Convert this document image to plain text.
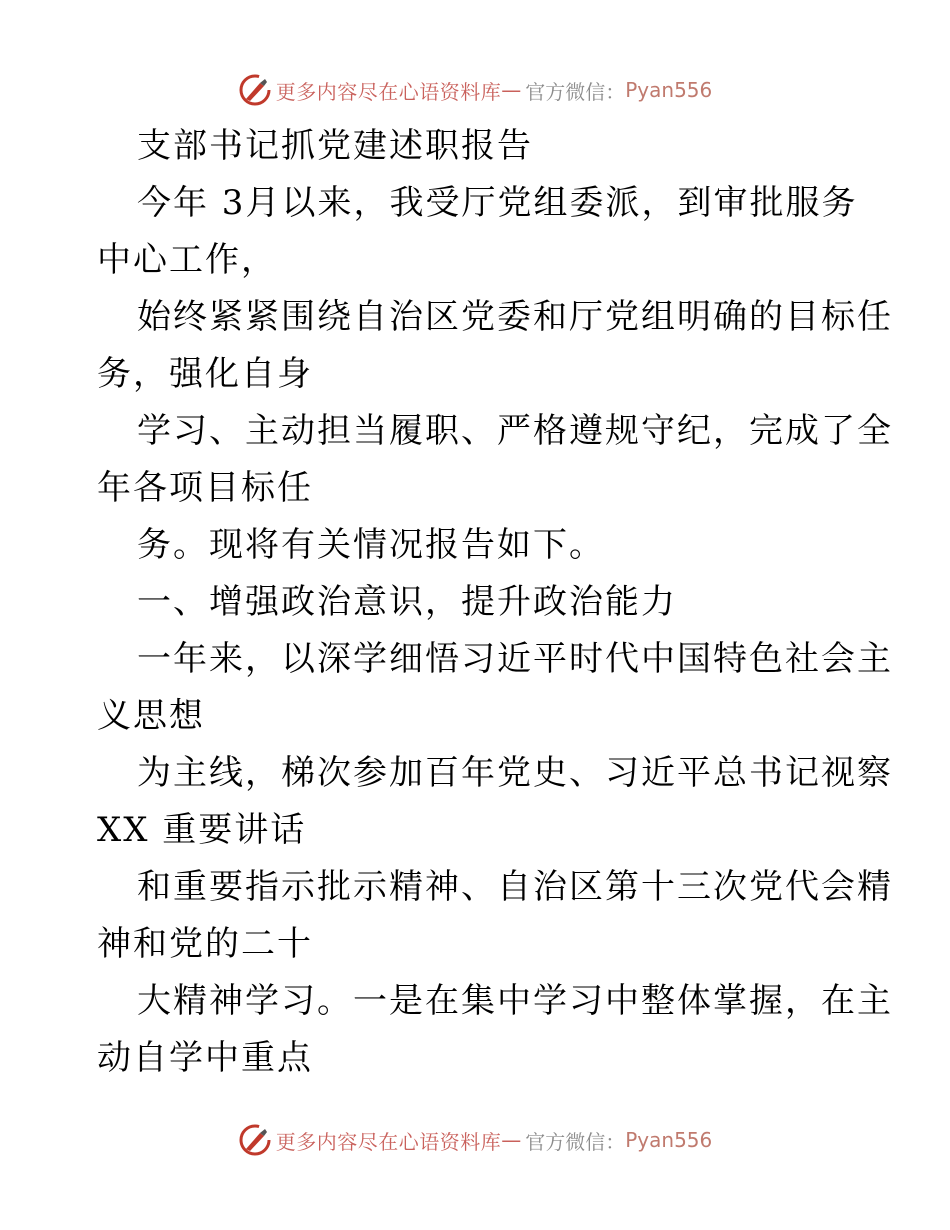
更多内容尽在心语资料库 — 官方微信： Pyan556
支部书记抓党建述职报告
今年 3月以来，我受厅党组委派，到审批服务
中心工作，
始终紧紧围绕自治区党委和厅党组明确的目标任
务，强化自身
学习、主动担当履职、严格遵规守纪，完成了全
年各项目标任
务。现将有关情况报告如下。
一、增强政治意识，提升政治能力
一年来，以深学细悟习近平时代中国特色社会主
义思想
为主线，梯次参加百年党史、习近平总书记视察
XX 重要讲话
和重要指示批示精神、自治区第十三次党代会精
神和党的二十
大精神学习。一是在集中学习中整体掌握，在主
动自学中重点
更多内容尽在心语资料库 — 官方微信： Pyan556
